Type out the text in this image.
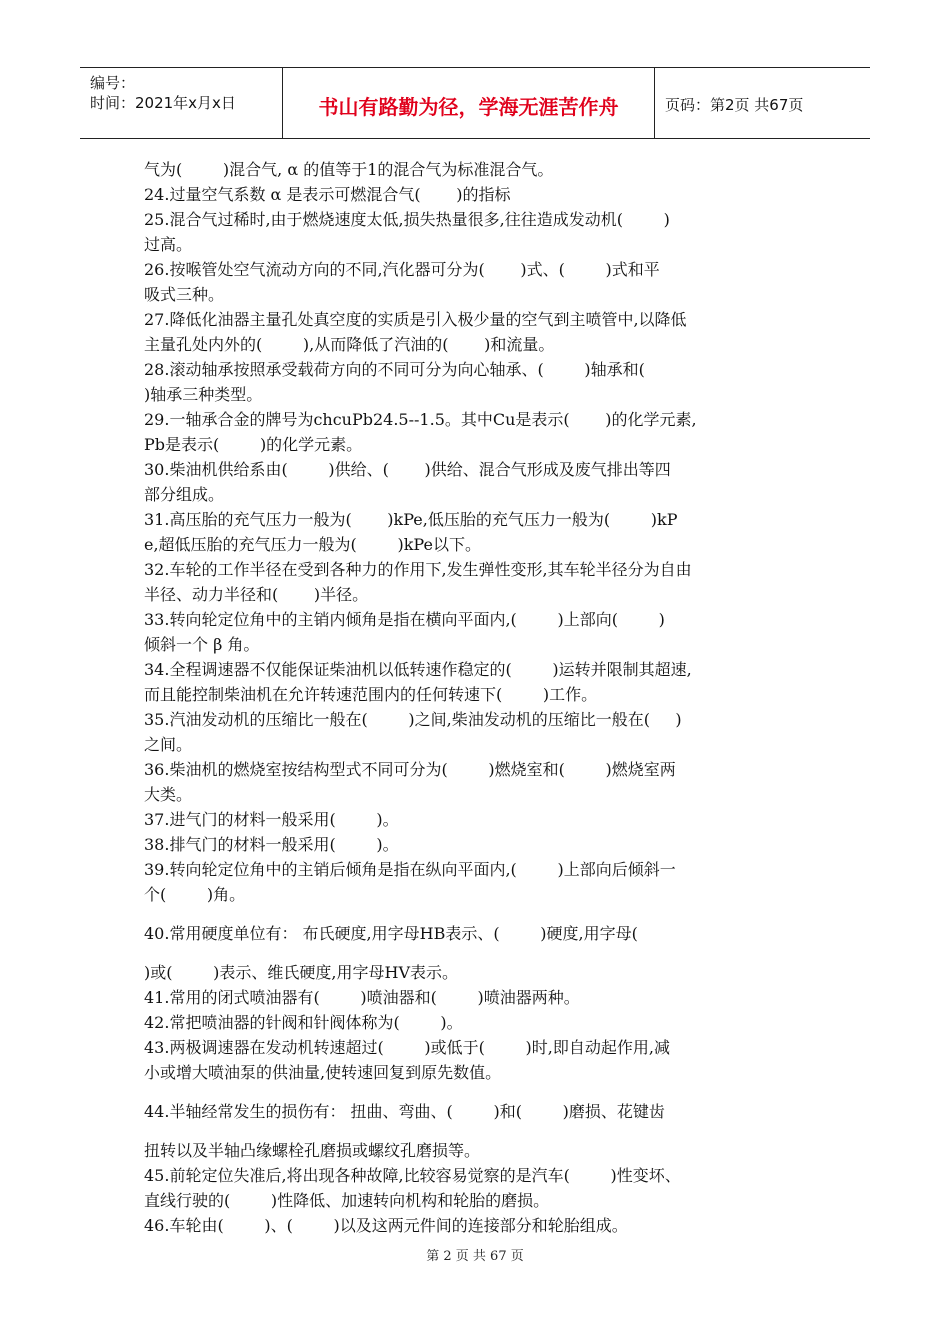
编号：
时间：2021年x月x日	书山有路勤为径，学海无涯苦作舟	页码：第2页 共67页
气为(        )混合气, α 的值等于1的混合气为标准混合气。
24.过量空气系数 α 是表示可燃混合气(       )的指标
25.混合气过稀时,由于燃烧速度太低,损失热量很多,往往造成发动机(        )
过高。
26.按喉管处空气流动方向的不同,汽化器可分为(       )式、(        )式和平
吸式三种。
27.降低化油器主量孔处真空度的实质是引入极少量的空气到主喷管中,以降低
主量孔处内外的(        ),从而降低了汽油的(       )和流量。
28.滚动轴承按照承受载荷方向的不同可分为向心轴承、(        )轴承和(
)轴承三种类型。
29.一轴承合金的牌号为chcuPb24.5--1.5。其中Cu是表示(       )的化学元素,
Pb是表示(        )的化学元素。
30.柴油机供给系由(        )供给、(       )供给、混合气形成及废气排出等四
部分组成。
31.高压胎的充气压力一般为(       )kPe,低压胎的充气压力一般为(        )kP
e,超低压胎的充气压力一般为(        )kPe以下。
32.车轮的工作半径在受到各种力的作用下,发生弹性变形,其车轮半径分为自由
半径、动力半径和(       )半径。
33.转向轮定位角中的主销内倾角是指在横向平面内,(        )上部向(        )
倾斜一个 β 角。
34.全程调速器不仅能保证柴油机以低转速作稳定的(        )运转并限制其超速,
而且能控制柴油机在允许转速范围内的任何转速下(        )工作。
35.汽油发动机的压缩比一般在(        )之间,柴油发动机的压缩比一般在(     )
之间。
36.柴油机的燃烧室按结构型式不同可分为(        )燃烧室和(        )燃烧室两
大类。
37.进气门的材料一般采用(        )。
38.排气门的材料一般采用(        )。
39.转向轮定位角中的主销后倾角是指在纵向平面内,(        )上部向后倾斜一
个(        )角。
40.常用硬度单位有： 布氏硬度,用字母HB表示、(        )硬度,用字母(
)或(        )表示、维氏硬度,用字母HV表示。
41.常用的闭式喷油器有(        )喷油器和(        )喷油器两种。
42.常把喷油器的针阀和针阀体称为(        )。
43.两极调速器在发动机转速超过(        )或低于(        )时,即自动起作用,减
小或增大喷油泵的供油量,使转速回复到原先数值。
44.半轴经常发生的损伤有： 扭曲、弯曲、(        )和(        )磨损、花键齿
扭转以及半轴凸缘螺栓孔磨损或螺纹孔磨损等。
45.前轮定位失准后,将出现各种故障,比较容易觉察的是汽车(        )性变坏、
直线行驶的(        )性降低、加速转向机构和轮胎的磨损。
46.车轮由(        )、(        )以及这两元件间的连接部分和轮胎组成。
第 2 页 共 67 页
